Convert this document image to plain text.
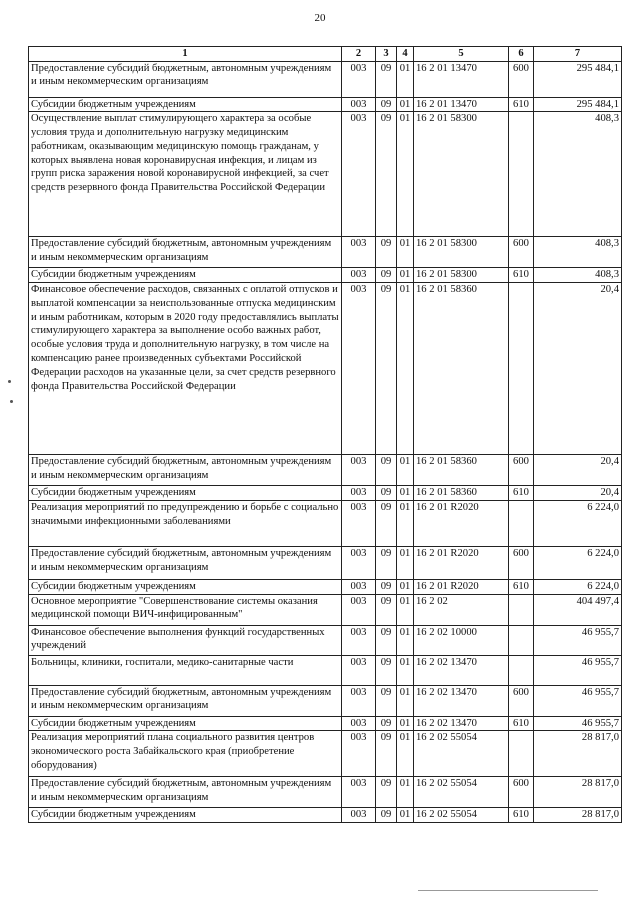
20
1	2	3	4	5	6	7
Предоставление субсидий бюджетным, автономным учреждениям и иным некоммерческим организациям	003	09	01	16 2 01 13470	600	295 484,1
Субсидии бюджетным учреждениям	003	09	01	16 2 01 13470	610	295 484,1
Осуществление выплат стимулирующего характера за особые условия труда и дополнительную нагрузку медицинским работникам, оказывающим медицинскую помощь гражданам, у которых выявлена новая коронавирусная инфекция, и лицам из групп риска заражения новой коронавирусной инфекцией, за счет средств резервного фонда Правительства Российской Федерации	003	09	01	16 2 01 58300		408,3
Предоставление субсидий бюджетным, автономным учреждениям и иным некоммерческим организациям	003	09	01	16 2 01 58300	600	408,3
Субсидии бюджетным учреждениям	003	09	01	16 2 01 58300	610	408,3
Финансовое обеспечение расходов, связанных с оплатой отпусков и выплатой компенсации за неиспользованные отпуска медицинским и иным работникам, которым в 2020 году предоставлялись выплаты стимулирующего характера за выполнение особо важных работ, особые условия труда и дополнительную нагрузку, в том числе на компенсацию ранее произведенных субъектами Российской Федерации расходов на указанные цели, за счет средств резервного фонда Правительства Российской Федерации	003	09	01	16 2 01 58360		20,4
Предоставление субсидий бюджетным, автономным учреждениям и иным некоммерческим организациям	003	09	01	16 2 01 58360	600	20,4
Субсидии бюджетным учреждениям	003	09	01	16 2 01 58360	610	20,4
Реализация мероприятий по предупреждению и борьбе с социально значимыми инфекционными заболеваниями	003	09	01	16 2 01 R2020		6 224,0
Предоставление субсидий бюджетным, автономным учреждениям и иным некоммерческим организациям	003	09	01	16 2 01 R2020	600	6 224,0
Субсидии бюджетным учреждениям	003	09	01	16 2 01 R2020	610	6 224,0
Основное мероприятие "Совершенствование системы оказания медицинской помощи ВИЧ-инфицированным"	003	09	01	16 2 02		404 497,4
Финансовое обеспечение выполнения функций государственных учреждений	003	09	01	16 2 02 10000		46 955,7
Больницы, клиники, госпитали, медико-санитарные части	003	09	01	16 2 02 13470		46 955,7
Предоставление субсидий бюджетным, автономным учреждениям и иным некоммерческим организациям	003	09	01	16 2 02 13470	600	46 955,7
Субсидии бюджетным учреждениям	003	09	01	16 2 02 13470	610	46 955,7
Реализация мероприятий плана социального развития центров экономического роста Забайкальского края (приобретение оборудования)	003	09	01	16 2 02 55054		28 817,0
Предоставление субсидий бюджетным, автономным учреждениям и иным некоммерческим организациям	003	09	01	16 2 02 55054	600	28 817,0
Субсидии бюджетным учреждениям	003	09	01	16 2 02 55054	610	28 817,0
